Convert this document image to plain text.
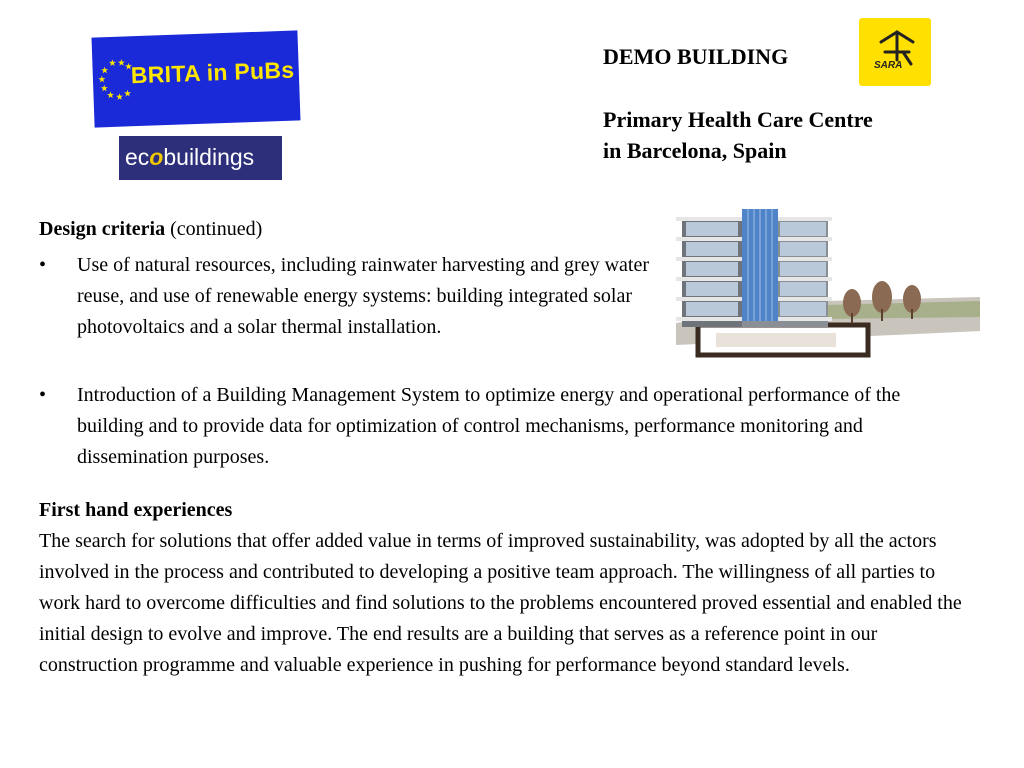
★ ★
★
★
★
★
★ ★ ★
BRITA in PuBs
ecobuildings
SARA
DEMO BUILDING
Primary Health Care Centre
in Barcelona, Spain
Design criteria (continued)
•	Use of natural resources, including rainwater harvesting and grey water reuse, and use of renewable energy systems: building integrated solar photovoltaics and a solar thermal installation.
•	Introduction of a Building Management System to optimize energy and operational performance of the building and to provide data for optimization of control mechanisms, performance monitoring and dissemination purposes.
First hand experiences
The search for solutions that offer added value in terms of improved sustainability, was adopted by all the actors involved in the process and contributed to developing a positive team approach. The willingness of all parties to work hard to overcome difficulties and find solutions to the problems encountered proved essential and enabled the initial design to evolve and improve. The end results are a building that serves as a reference point in our construction programme and valuable experience in pushing for performance beyond standard levels.
